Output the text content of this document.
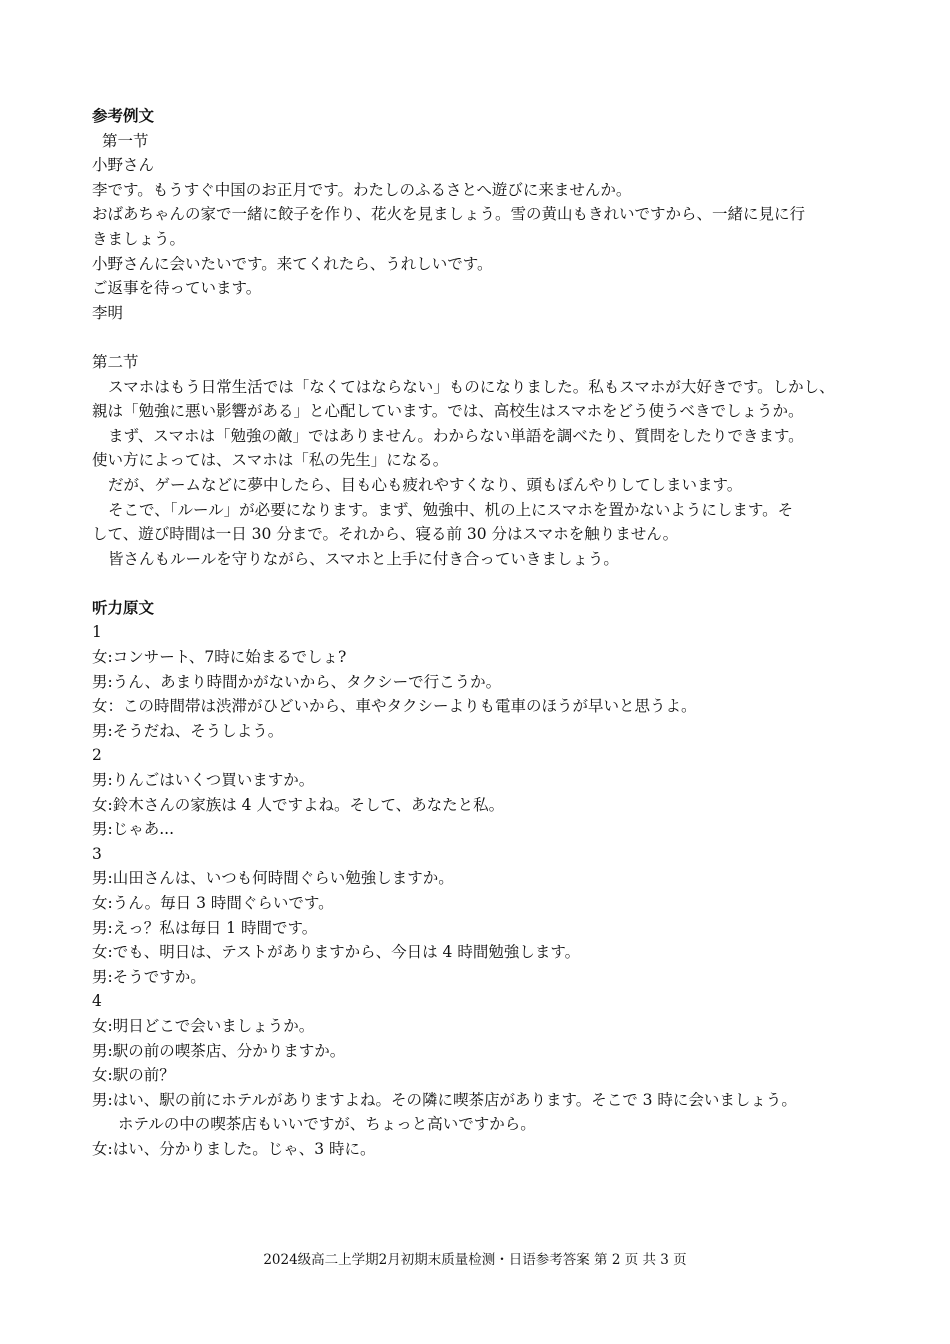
参考例文
第一节
小野さん
李です。もうすぐ中国のお正月です。わたしのふるさとへ遊びに来ませんか。
おばあちゃんの家で一緒に餃子を作り、花火を見ましょう。雪の黄山もきれいですから、一緒に見に行
きましょう。
小野さんに会いたいです。来てくれたら、うれしいです。
ご返事を待っています。
李明
第二节
スマホはもう日常生活では「なくてはならない」ものになりました。私もスマホが大好きです。しかし、
親は「勉強に悪い影響がある」と心配しています。では、高校生はスマホをどう使うべきでしょうか。
まず、スマホは「勉強の敵」ではありません。わからない単語を調べたり、質問をしたりできます。
使い方によっては、スマホは「私の先生」になる。
だが、ゲームなどに夢中したら、目も心も疲れやすくなり、頭もぼんやりしてしまいます。
そこで、「ルール」が必要になります。まず、勉強中、机の上にスマホを置かないようにします。そ
して、遊び時間は一日 30 分まで。それから、寝る前 30 分はスマホを触りません。
皆さんもルールを守りながら、スマホと上手に付き合っていきましょう。
听力原文
1
女:コンサート、7時に始まるでしょ?
男:うん、あまり時間かがないから、タクシーで行こうか。
女：この時間帯は渋滞がひどいから、車やタクシーよりも電車のほうが早いと思うよ。
男:そうだね、そうしよう。
2
男:りんごはいくつ買いますか。
女:鈴木さんの家族は 4 人ですよね。そして、あなたと私。
男:じゃあ...
3
男:山田さんは、いつも何時間ぐらい勉強しますか。
女:うん。毎日 3 時間ぐらいです。
男:えっ？私は毎日 1 時間です。
女:でも、明日は、テストがありますから、今日は 4 時間勉強します。
男:そうですか。
4
女:明日どこで会いましょうか。
男:駅の前の喫茶店、分かりますか。
女:駅の前？
男:はい、駅の前にホテルがありますよね。その隣に喫茶店があります。そこで 3 時に会いましょう。
ホテルの中の喫茶店もいいですが、ちょっと高いですから。
女:はい、分かりました。じゃ、3 時に。
2024级高二上学期2月初期末质量检测・日语参考答案 第 2 页 共 3 页
